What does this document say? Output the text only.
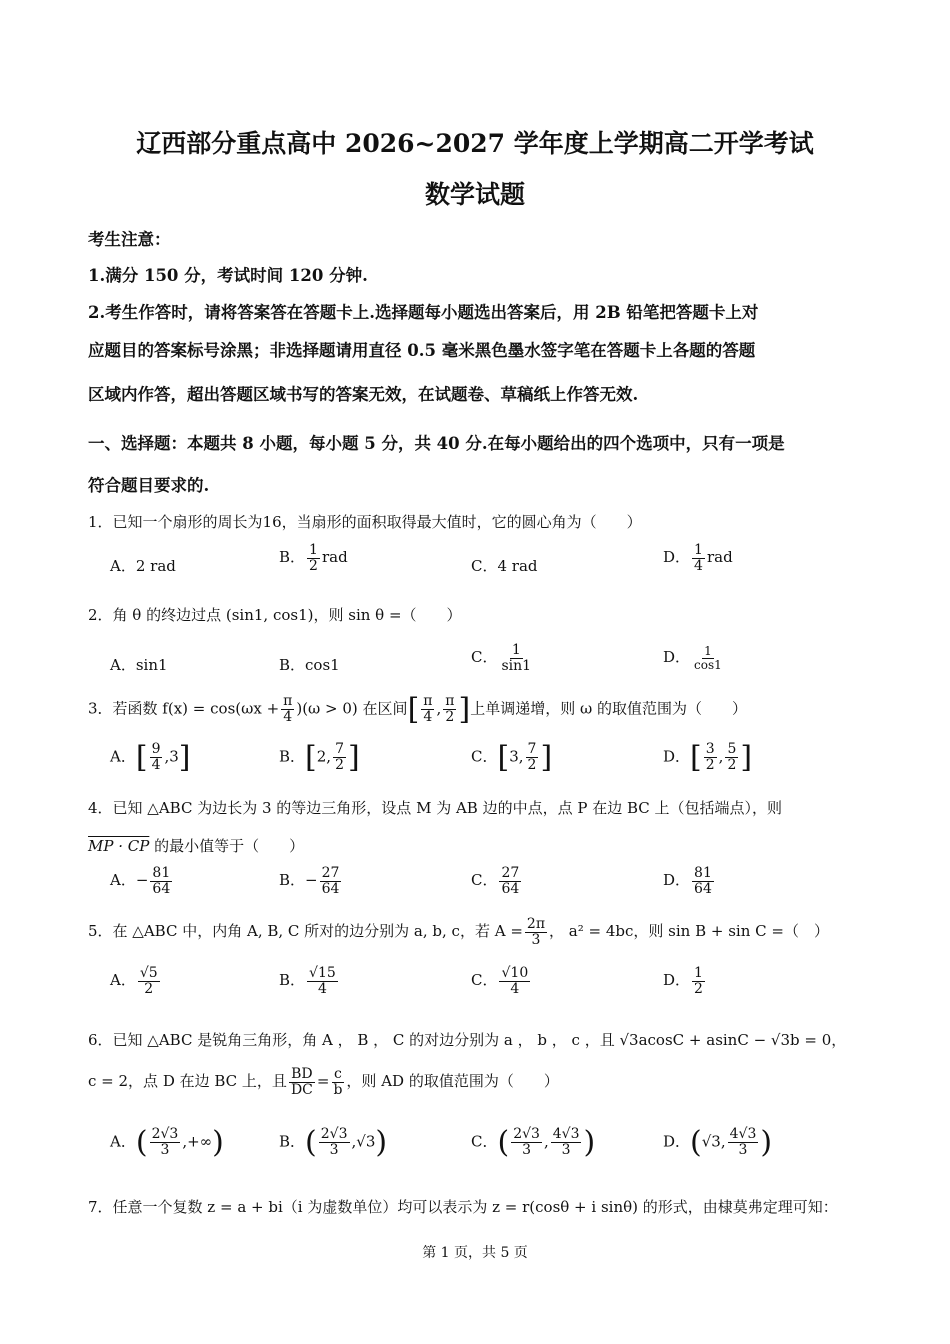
辽西部分重点高中 2026~2027 学年度上学期高二开学考试
数学试题
考生注意：
1.满分 150 分，考试时间 120 分钟.
2.考生作答时，请将答案答在答题卡上.选择题每小题选出答案后，用 2B 铅笔把答题卡上对
应题目的答案标号涂黑；非选择题请用直径 0.5 毫米黑色墨水签字笔在答题卡上各题的答题
区域内作答，超出答题区域书写的答案无效，在试题卷、草稿纸上作答无效.
一、选择题：本题共 8 小题，每小题 5 分，共 40 分.在每小题给出的四个选项中，只有一项是
符合题目要求的.
1．已知一个扇形的周长为16，当扇形的面积取得最大值时，它的圆心角为（　　）
A．2 rad	B． $\frac{1}{2}$ rad	C．4 rad	D． $\frac{1}{4}$ rad
2．角 θ 的终边过点 (sin1, cos1)，则 sin θ =（　　）
A．sin1	B．cos1	C． $\frac{1}{\sin 1}$	D． $\frac{1}{\cos 1}$
3．若函数 $f(x) = \cos(\omega x + \frac{\pi}{4} )(\omega > 0)$ 在区间[ $\frac{\pi}{4}$ , $\frac{\pi}{2}$ ]上单调递增，则 ω 的取值范围为（　　）
A．[ $\frac{9}{4} ,3$]	B．[2, $\frac{7}{2}$ ]	C．[3, $\frac{7}{2}$ ]	D．[ $\frac{3}{2}$ , $\frac{5}{2}$ ]
4．已知 △ABC 为边长为 3 的等边三角形，设点 M 为 AB 边的中点，点 P 在边 BC 上（包括端点），则
MP · CP 的最小值等于（　　）
A．− $\frac{81}{64}$	B．− $\frac{27}{64}$	C． $\frac{27}{64}$	D． $\frac{81}{64}$
5．在 △ABC 中，内角 A, B, C 所对的边分别为 a, b, c，若 $A = \frac{2\pi}{3}$ ， a² = 4bc，则 sin B + sin C =（　）
A． $\frac{√5}{2}$	B． $\frac{√15}{4}$	C． $\frac{√10}{4}$	D． $\frac{1}{2}$
6．已知 △ABC 是锐角三角形，角 A ， B ， C 的对边分别为 a ， b ， c ，且 √3acosC + asinC − √3b = 0，
c = 2，点 D 在边 BC 上，且 $\frac{BD}{DC} = \frac{c}{b}$ ，则 AD 的取值范围为（　　）
A．( $\frac{2√3}{3}$ ,+∞)	B．( $\frac{2√3}{3} ,√3$)	C．( $\frac{2√3}{3}$ , $\frac{4√3}{3}$ )	D．(√3, $\frac{4√3}{3}$ )
7．任意一个复数 z = a + bi（i 为虚数单位）均可以表示为 z = r(cosθ + i sinθ) 的形式，由棣莫弗定理可知：
第 1 页，共 5 页
